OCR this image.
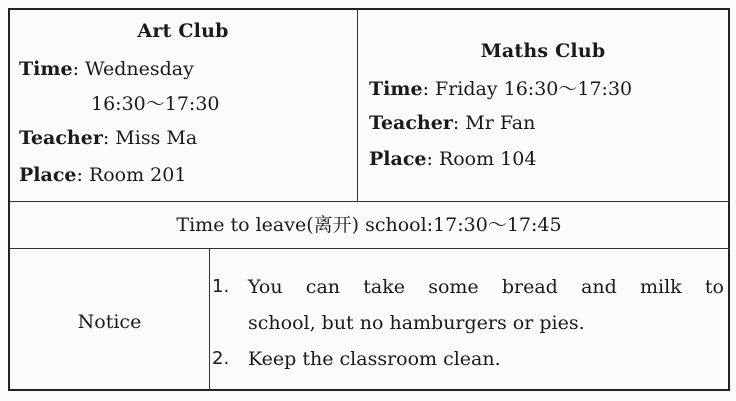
Art Club
Time: Wednesday
16:30〜17:30
Teacher: Miss Ma
Place: Room 201
Maths Club
Time: Friday 16:30〜17:30
Teacher: Mr Fan
Place: Room 104
Time to leave(离开) school:17:30〜17:45
Notice
1. You can take some bread and milk to
school, but no hamburgers or pies.
2. Keep the classroom clean.
